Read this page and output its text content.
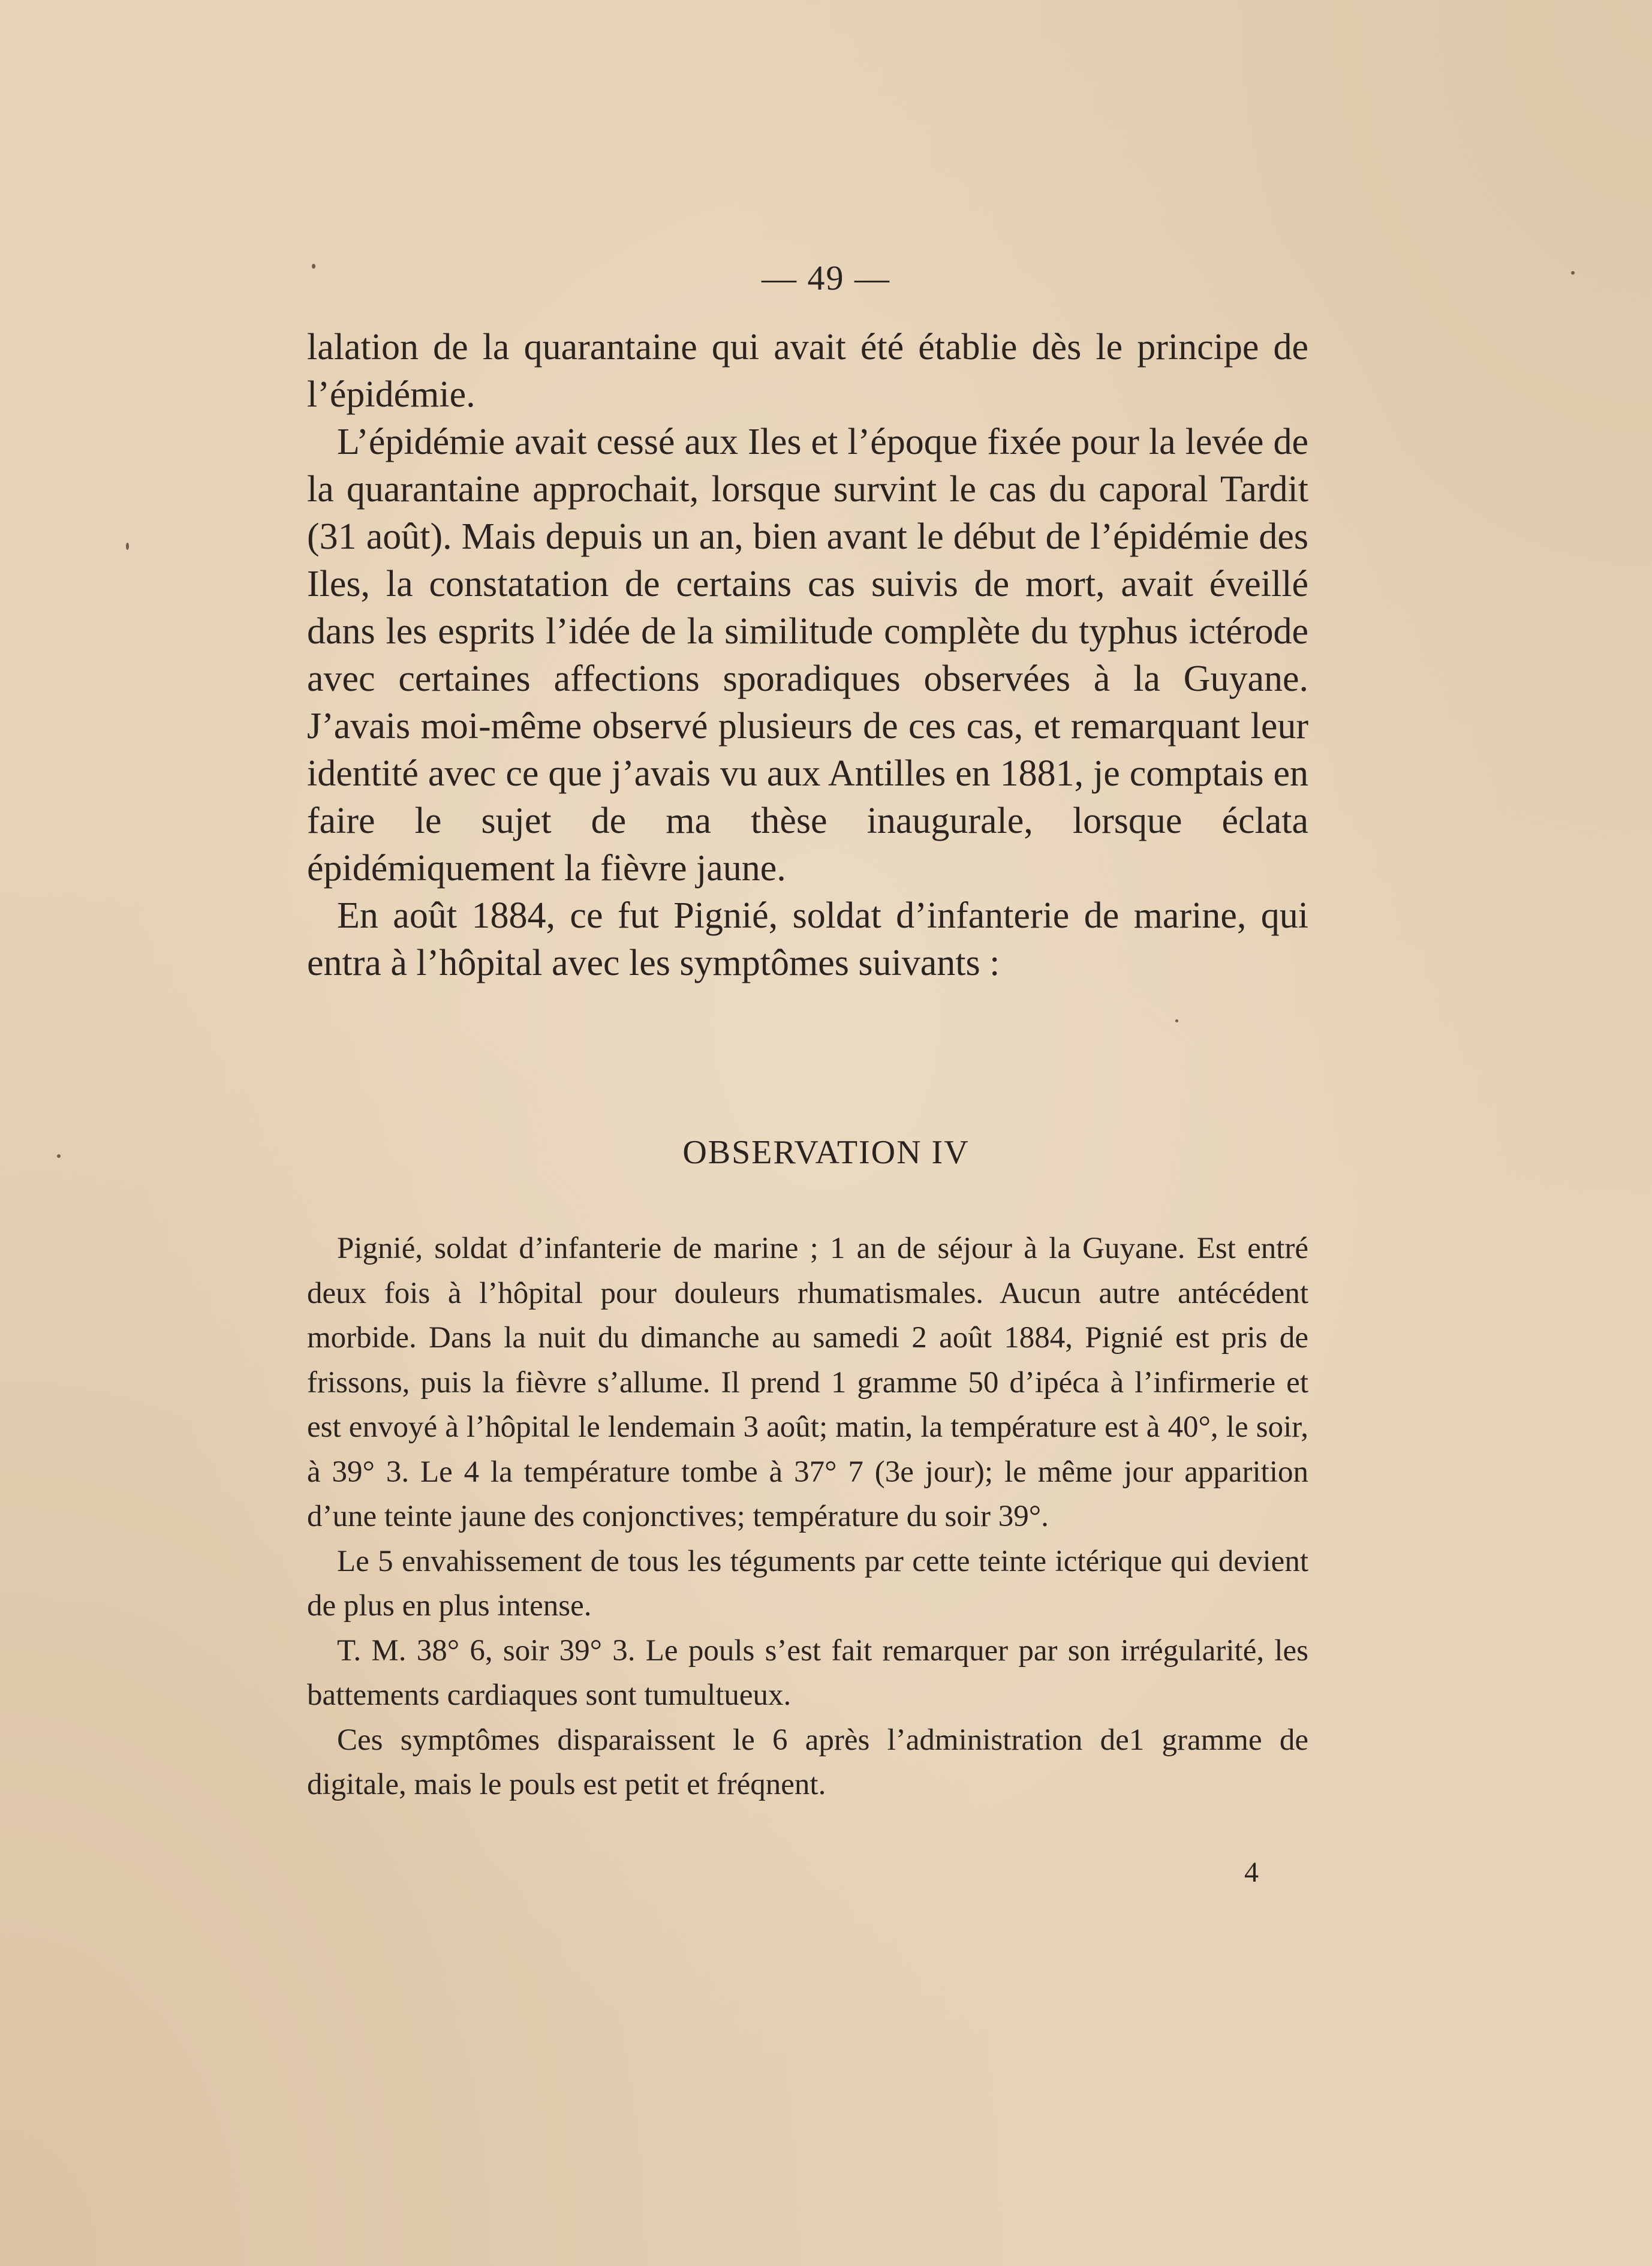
— 49 —

lalation de la quarantaine qui avait été établie dès le principe de l’épidémie.

L’épidémie avait cessé aux Iles et l’époque fixée pour la levée de la quarantaine approchait, lorsque survint le cas du caporal Tardit (31 août). Mais depuis un an, bien avant le début de l’épidémie des Iles, la constatation de certains cas suivis de mort, avait éveillé dans les esprits l’idée de la similitude complète du typhus ictérode avec certaines affections sporadiques observées à la Guyane. J’avais moi-même observé plusieurs de ces cas, et remarquant leur identité avec ce que j’avais vu aux Antilles en 1881, je comptais en faire le sujet de ma thèse inaugurale, lorsque éclata épidémiquement la fièvre jaune.

En août 1884, ce fut Pignié, soldat d’infanterie de marine, qui entra à l’hôpital avec les symptômes suivants :

OBSERVATION IV

Pignié, soldat d’infanterie de marine ; 1 an de séjour à la Guyane. Est entré deux fois à l’hôpital pour douleurs rhumatismales. Aucun autre antécédent morbide. Dans la nuit du dimanche au samedi 2 août 1884, Pignié est pris de frissons, puis la fièvre s’allume. Il prend 1 gramme 50 d’ipéca à l’infirmerie et est envoyé à l’hôpital le lendemain 3 août; matin, la température est à 40°, le soir, à 39° 3. Le 4 la température tombe à 37° 7 (3e jour); le même jour apparition d’une teinte jaune des conjonctives; température du soir 39°.

Le 5 envahissement de tous les téguments par cette teinte ictérique qui devient de plus en plus intense.

T. M. 38° 6, soir 39° 3. Le pouls s’est fait remarquer par son irrégularité, les battements cardiaques sont tumultueux.

Ces symptômes disparaissent le 6 après l’administration de1 gramme de digitale, mais le pouls est petit et fréqnent.

4
